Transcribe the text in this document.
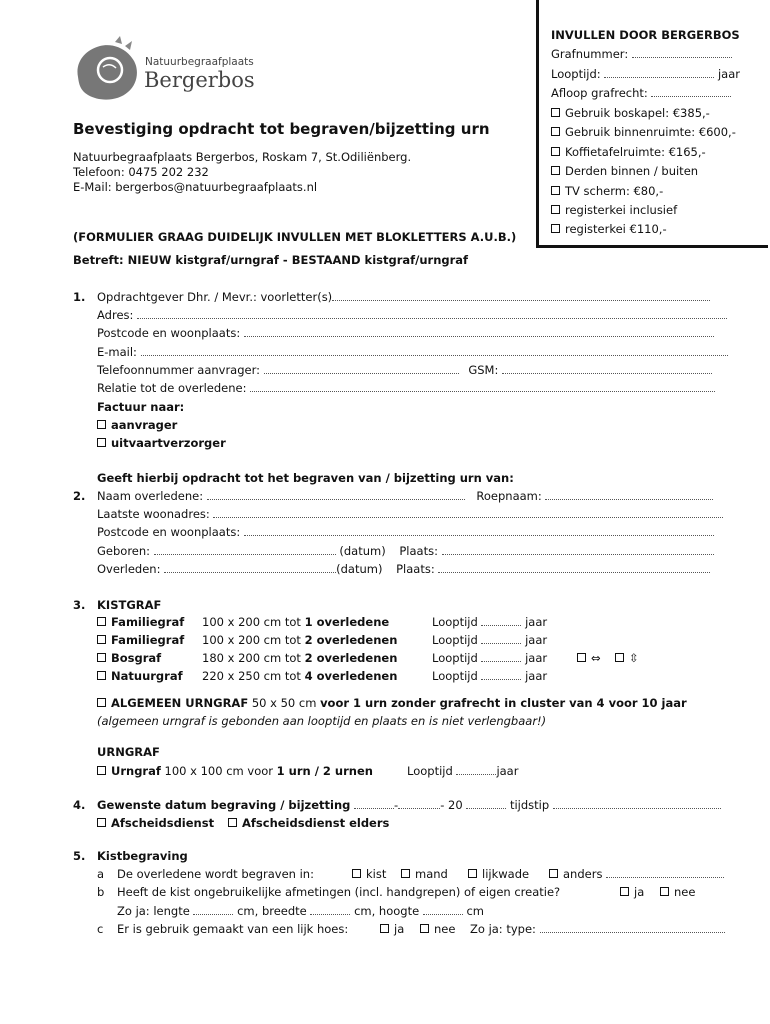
Natuurbegraafplaats
Bergerbos
INVULLEN DOOR BERGERBOS
Grafnummer:
Looptijd:	jaar
Afloop grafrecht:
Gebruik boskapel: €385,-
Gebruik binnenruimte: €600,-
Koffietafelruimte: €165,-
Derden binnen / buiten
TV scherm: €80,-
registerkei inclusief
registerkei €110,-
Bevestiging opdracht tot begraven/bijzetting urn
Natuurbegraafplaats Bergerbos, Roskam 7, St.Odiliënberg.
Telefoon: 0475 202 232
E-Mail: bergerbos@natuurbegraafplaats.nl
(FORMULIER GRAAG DUIDELIJK INVULLEN MET BLOKLETTERS A.U.B.)
Betreft: NIEUW kistgraf/urngraf - BESTAAND kistgraf/urngraf
1. Opdrachtgever Dhr. / Mevr.: voorletter(s)
Adres:
Postcode en woonplaats:
E-mail:
Telefoonnummer aanvrager:	GSM:
Relatie tot de overledene:
Factuur naar:
aanvrager
uitvaartverzorger
Geeft hierbij opdracht tot het begraven van / bijzetting urn van:
2. Naam overledene:	Roepnaam:
Laatste woonadres:
Postcode en woonplaats:
Geboren:	(datum) Plaats:
Overleden:	(datum) Plaats:
3. KISTGRAF
Familiegraf 100 x 200 cm tot 1 overledene	Looptijd	jaar
Familiegraf 100 x 200 cm tot 2 overledenen	Looptijd	jaar
Bosgraf	180 x 200 cm tot 2 overledenen	Looptijd	jaar	⇔	⇳
Natuurgraf 220 x 250 cm tot 4 overledenen	Looptijd	jaar
ALGEMEEN URNGRAF 50 x 50 cm voor 1 urn zonder grafrecht in cluster van 4 voor 10 jaar
(algemeen urngraf is gebonden aan looptijd en plaats en is niet verlengbaar!)
URNGRAF
Urngraf 100 x 100 cm voor 1 urn / 2 urnen	Looptijd	jaar
4. Gewenste datum begraving / bijzetting	-	- 20	tijdstip
Afscheidsdienst	Afscheidsdienst elders
5. Kistbegraving
a De overledene wordt begraven in:	kist	mand	lijkwade	anders
b Heeft de kist ongebruikelijke afmetingen (incl. handgrepen) of eigen creatie?	ja	nee
Zo ja: lengte	cm, breedte	cm, hoogte	cm
c Er is gebruik gemaakt van een lijk hoes:	ja	nee Zo ja: type:
